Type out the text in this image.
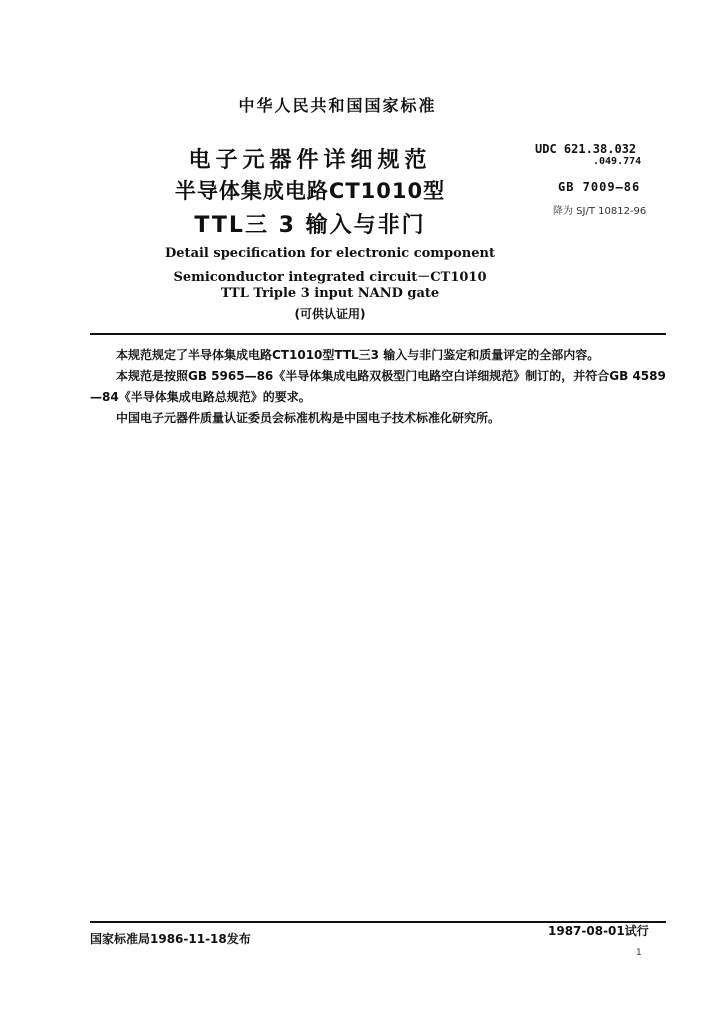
中华人民共和国国家标准
电子元器件详细规范
半导体集成电路CT1010型
TTL三 3 输入与非门
UDC 621.38.032
.049.774
GB 7009—86
降为 SJ/T 10812-96
Detail specification for electronic component
Semiconductor integrated circuit－CT1010
TTL Triple 3 input NAND gate
(可供认证用)

本规范规定了半导体集成电路CT1010型TTL三3 输入与非门鉴定和质量评定的全部内容。

本规范是按照GB 5965—86《半导体集成电路双极型门电路空白详细规范》制订的，并符合GB 4589—84《半导体集成电路总规范》的要求。

中国电子元器件质量认证委员会标准机构是中国电子技术标准化研究所。

国家标准局1986-11-18发布
1987-08-01试行
1
